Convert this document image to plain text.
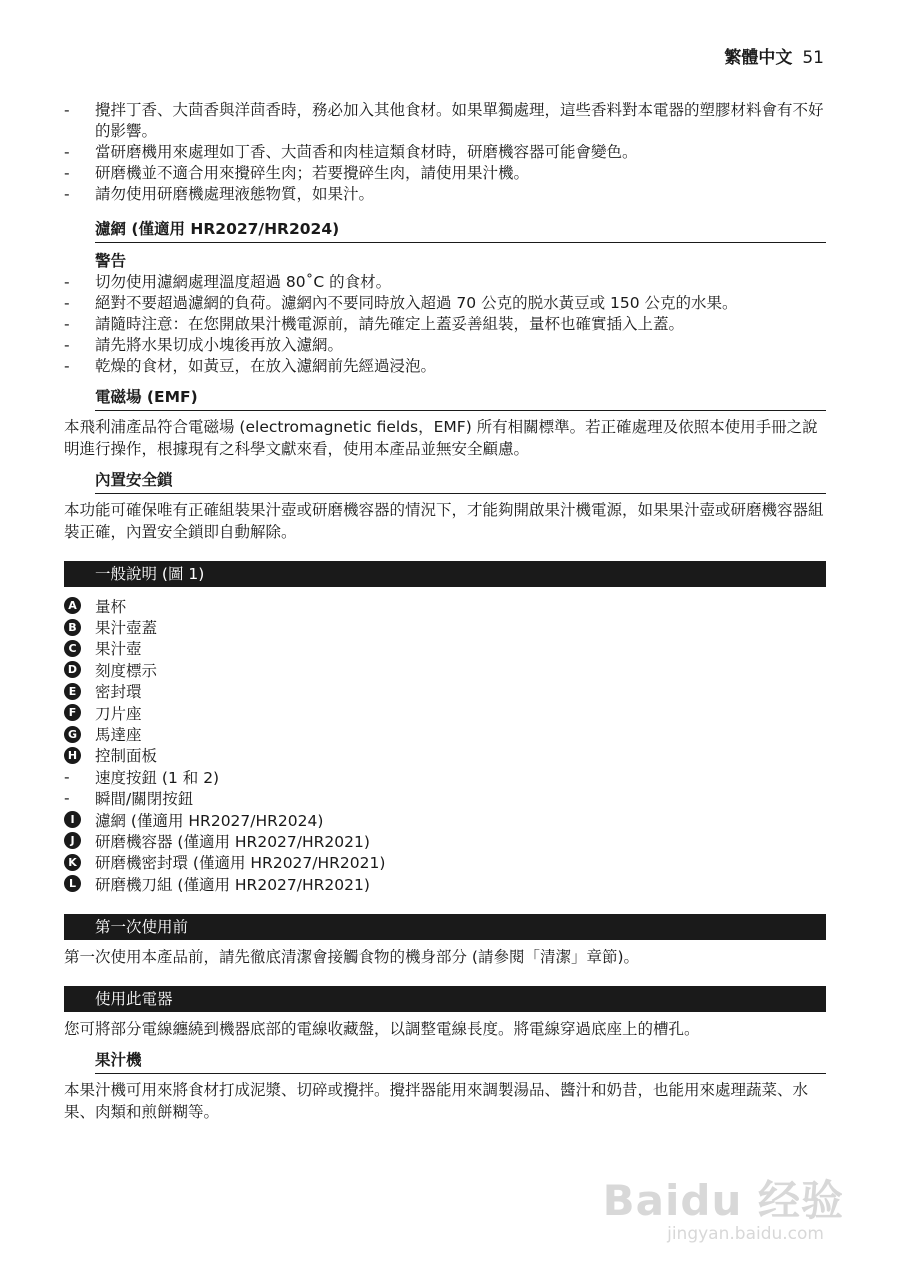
繁體中文 51
-	攪拌丁香、大茴香與洋茴香時，務必加入其他食材。如果單獨處理，這些香料對本電器的塑膠材料會有不好的影響。
-	當研磨機用來處理如丁香、大茴香和肉桂這類食材時，研磨機容器可能會變色。
-	研磨機並不適合用來攪碎生肉；若要攪碎生肉，請使用果汁機。
-	請勿使用研磨機處理液態物質，如果汁。
濾網 (僅適用 HR2027/HR2024)
警告
-	切勿使用濾網處理溫度超過 80˚C 的食材。
-	絕對不要超過濾網的負荷。濾網內不要同時放入超過 70 公克的脱水黃豆或 150 公克的水果。
-	請隨時注意：在您開啟果汁機電源前，請先確定上蓋妥善組裝，量杯也確實插入上蓋。
-	請先將水果切成小塊後再放入濾網。
-	乾燥的食材，如黃豆，在放入濾網前先經過浸泡。
電磁場 (EMF)
本飛利浦產品符合電磁場 (electromagnetic fields，EMF) 所有相關標準。若正確處理及依照本使用手冊之說明進行操作，根據現有之科學文獻來看，使用本產品並無安全顧慮。
內置安全鎖
本功能可確保唯有正確組裝果汁壺或研磨機容器的情況下，才能夠開啟果汁機電源，如果果汁壺或研磨機容器組裝正確，內置安全鎖即自動解除。
一般說明 (圖 1)
A 量杯
B 果汁壺蓋
C 果汁壺
D 刻度標示
E	密封環
F	刀片座
G 馬達座
H 控制面板
-	速度按鈕 (1 和 2)
-	瞬間/關閉按鈕
I	濾網 (僅適用 HR2027/HR2024)
J	研磨機容器 (僅適用 HR2027/HR2021)
K 研磨機密封環 (僅適用 HR2027/HR2021)
L	研磨機刀組 (僅適用 HR2027/HR2021)
第一次使用前
第一次使用本產品前，請先徹底清潔會接觸食物的機身部分 (請參閱「清潔」章節)。
使用此電器
您可將部分電線纏繞到機器底部的電線收藏盤，以調整電線長度。將電線穿過底座上的槽孔。
果汁機
本果汁機可用來將食材打成泥漿、切碎或攪拌。攪拌器能用來調製湯品、醬汁和奶昔，也能用來處理蔬菜、水果、肉類和煎餅糊等。
Baidu 经验
jingyan.baidu.com
